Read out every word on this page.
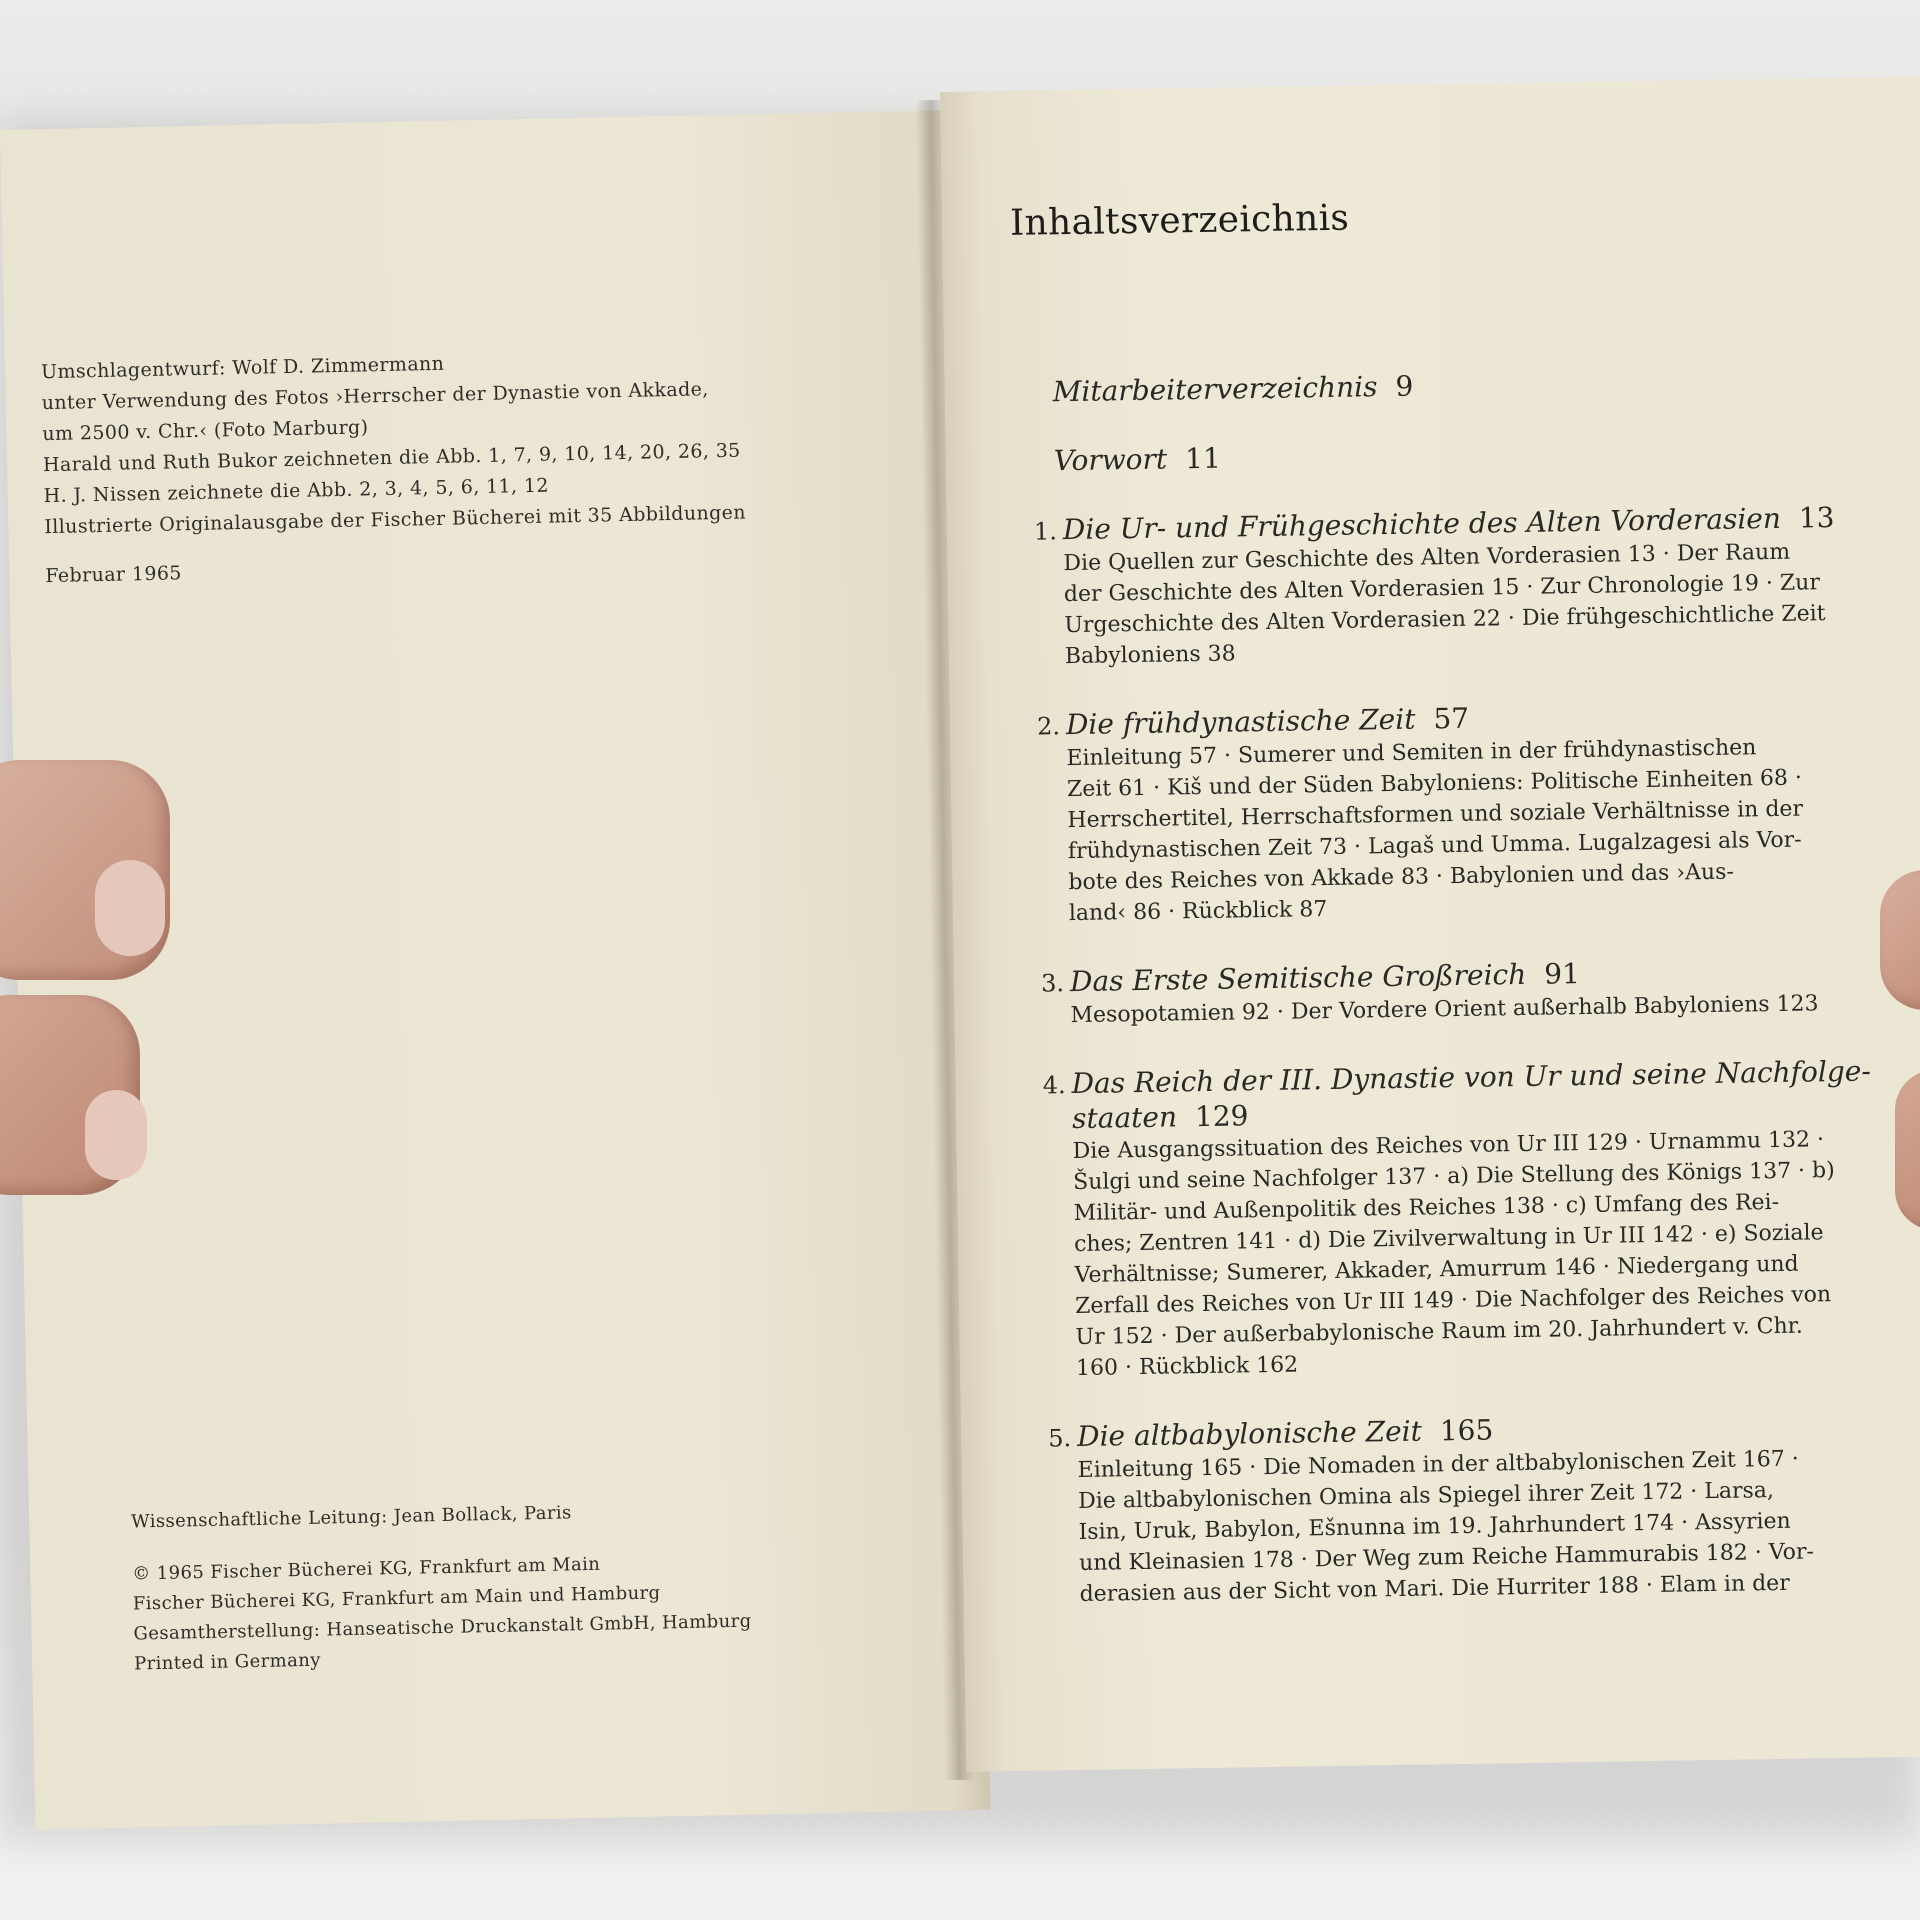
Umschlagentwurf: Wolf D. Zimmermann
unter Verwendung des Fotos ›Herrscher der Dynastie von Akkade,
um 2500 v. Chr.‹ (Foto Marburg)
Harald und Ruth Bukor zeichneten die Abb. 1, 7, 9, 10, 14, 20, 26, 35
H. J. Nissen zeichnete die Abb. 2, 3, 4, 5, 6, 11, 12
Illustrierte Originalausgabe der Fischer Bücherei mit 35 Abbildungen
Februar 1965
Wissenschaftliche Leitung: Jean Bollack, Paris
© 1965 Fischer Bücherei KG, Frankfurt am Main
Fischer Bücherei KG, Frankfurt am Main und Hamburg
Gesamtherstellung: Hanseatische Druckanstalt GmbH, Hamburg
Printed in Germany
Inhaltsverzeichnis
Mitarbeiterverzeichnis 9
Vorwort 11
1. Die Ur- und Frühgeschichte des Alten Vorderasien 13
Die Quellen zur Geschichte des Alten Vorderasien 13 · Der Raum
der Geschichte des Alten Vorderasien 15 · Zur Chronologie 19 · Zur
Urgeschichte des Alten Vorderasien 22 · Die frühgeschichtliche Zeit
Babyloniens 38
2. Die frühdynastische Zeit 57
Einleitung 57 · Sumerer und Semiten in der frühdynastischen
Zeit 61 · Kiš und der Süden Babyloniens: Politische Einheiten 68 ·
Herrschertitel, Herrschaftsformen und soziale Verhältnisse in der
frühdynastischen Zeit 73 · Lagaš und Umma. Lugalzagesi als Vor-
bote des Reiches von Akkade 83 · Babylonien und das ›Aus-
land‹ 86 · Rückblick 87
3. Das Erste Semitische Großreich 91
Mesopotamien 92 · Der Vordere Orient außerhalb Babyloniens 123
4. Das Reich der III. Dynastie von Ur und seine Nachfolge-
staaten 129
Die Ausgangssituation des Reiches von Ur III 129 · Urnammu 132 ·
Šulgi und seine Nachfolger 137 · a) Die Stellung des Königs 137 · b)
Militär- und Außenpolitik des Reiches 138 · c) Umfang des Rei-
ches; Zentren 141 · d) Die Zivilverwaltung in Ur III 142 · e) Soziale
Verhältnisse; Sumerer, Akkader, Amurrum 146 · Niedergang und
Zerfall des Reiches von Ur III 149 · Die Nachfolger des Reiches von
Ur 152 · Der außerbabylonische Raum im 20. Jahrhundert v. Chr.
160 · Rückblick 162
5. Die altbabylonische Zeit 165
Einleitung 165 · Die Nomaden in der altbabylonischen Zeit 167 ·
Die altbabylonischen Omina als Spiegel ihrer Zeit 172 · Larsa,
Isin, Uruk, Babylon, Ešnunna im 19. Jahrhundert 174 · Assyrien
und Kleinasien 178 · Der Weg zum Reiche Hammurabis 182 · Vor-
derasien aus der Sicht von Mari. Die Hurriter 188 · Elam in der
